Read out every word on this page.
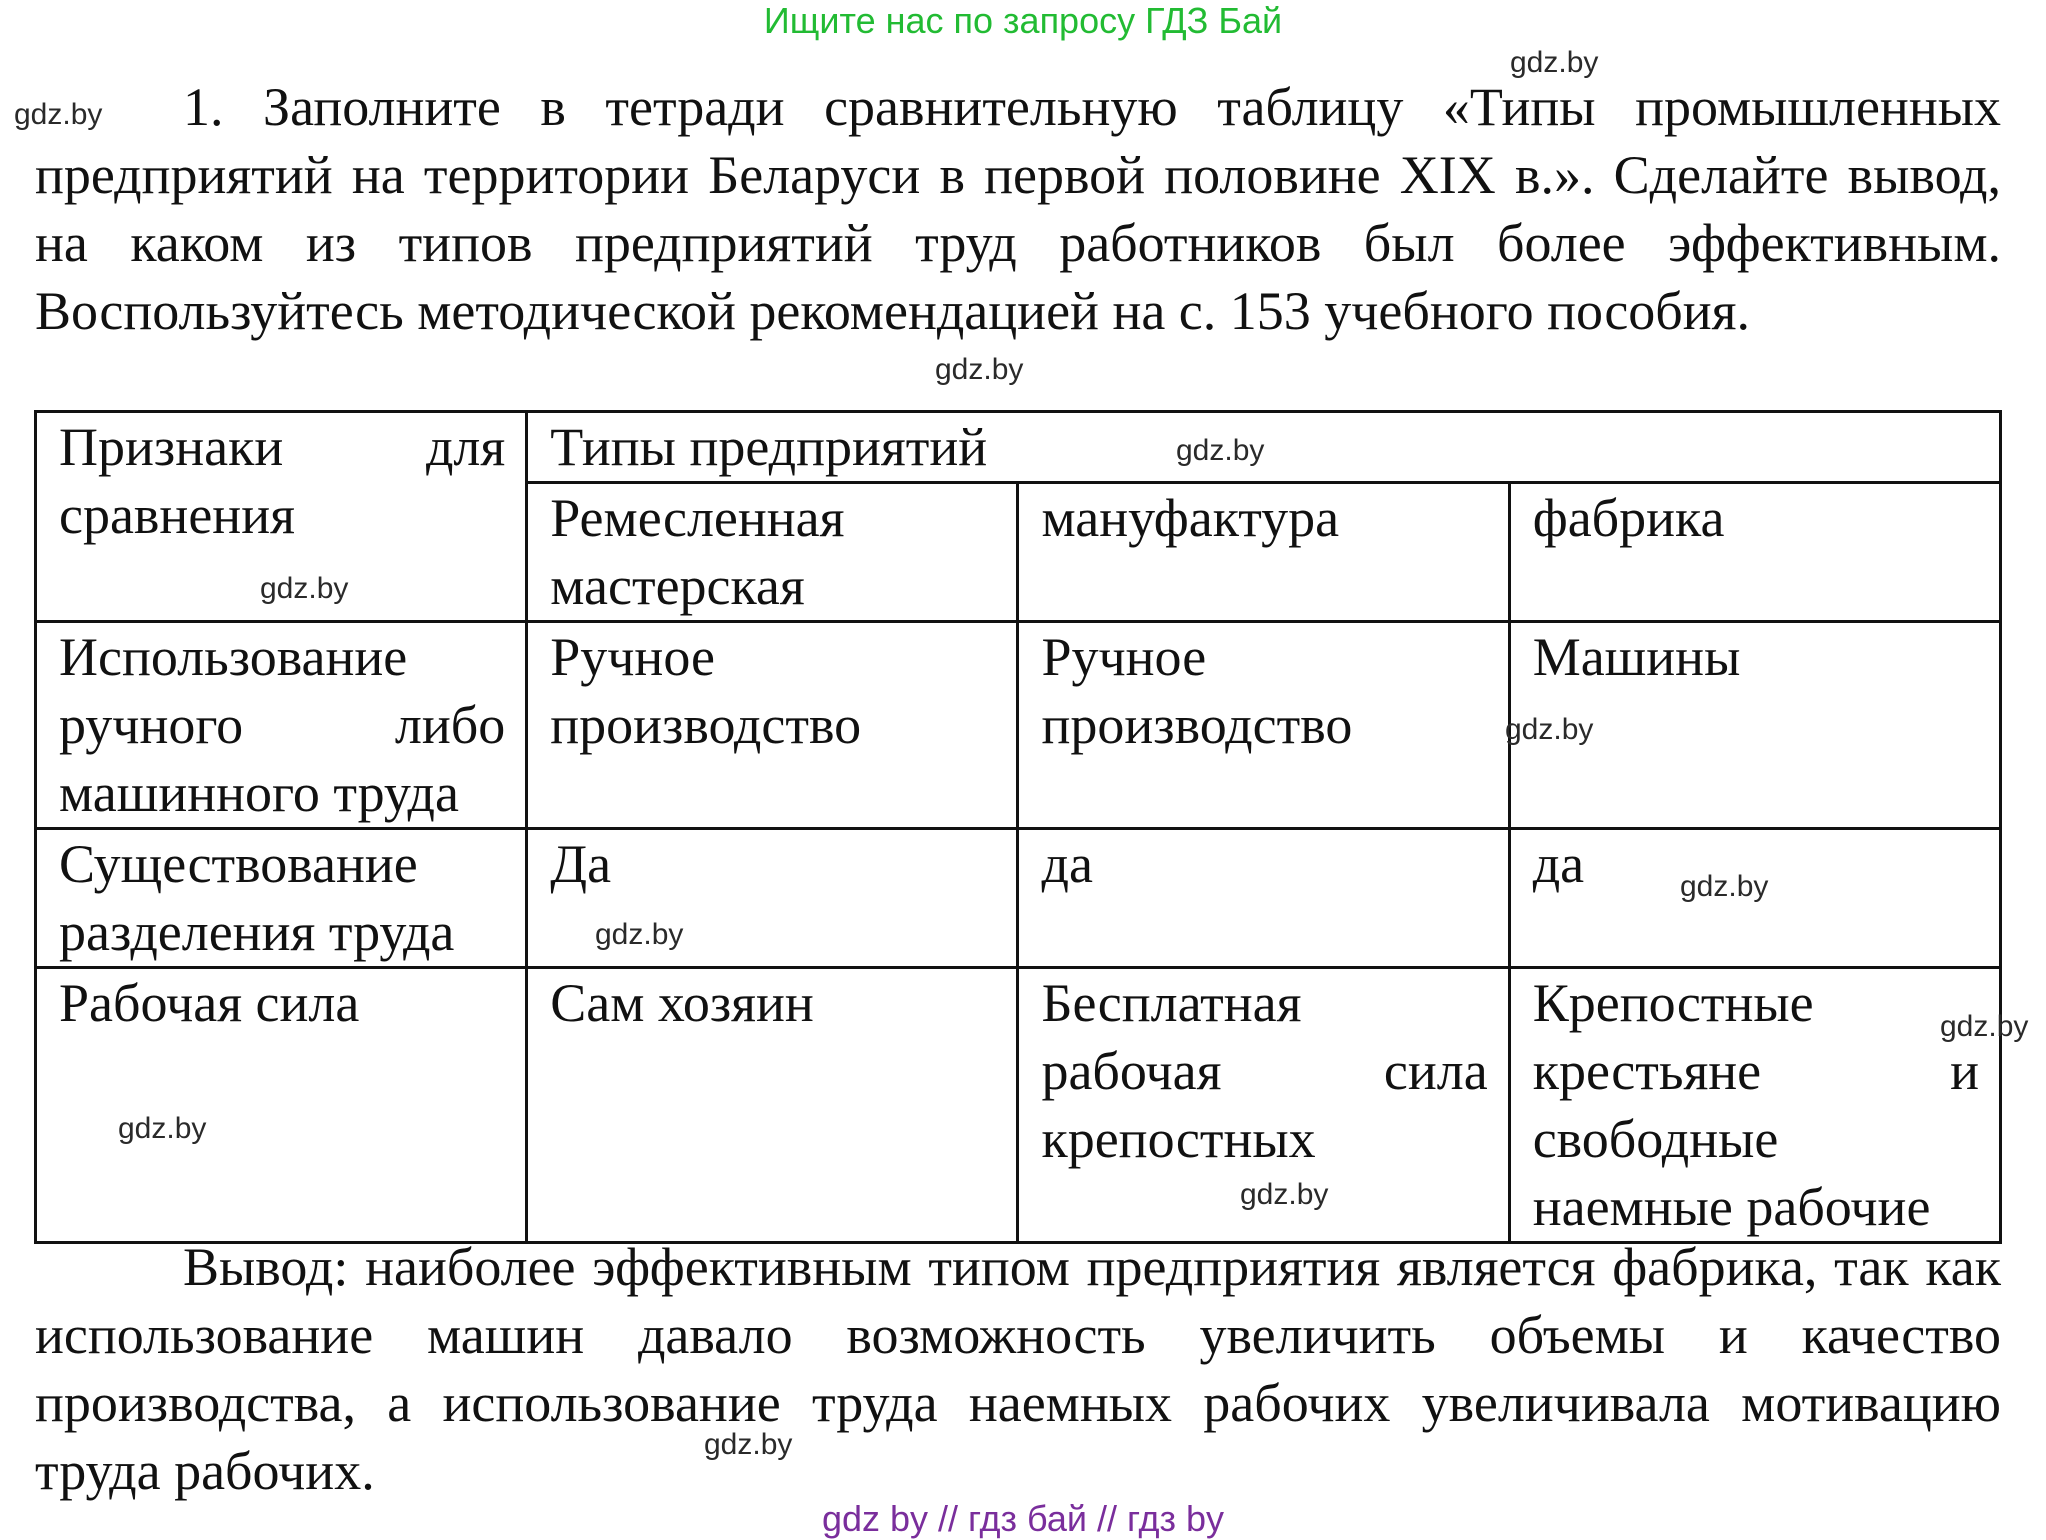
Ищите нас по запросу ГДЗ Бай
1. Заполните в тетради сравнительную таблицу «Типы промышленных предприятий на территории Беларуси в первой половине XIX в.». Сделайте вывод, на каком из типов предприятий труд работников был более эффективным. Воспользуйтесь методической рекомендацией на с. 153 учебного пособия.
Признаки для сравнения	Типы предприятий		
	Ремесленная мастерская	мануфактура	фабрика
Использование ручного либо машинного труда	Ручное производство	Ручное производство	Машины
Существование разделения труда	Да	да	да
Рабочая сила	Сам хозяин	Бесплатная рабочая сила крепостных	Крепостные крестьяне и свободные наемные рабочие
Вывод: наиболее эффективным типом предприятия является фабрика, так как использование машин давало возможность увеличить объемы и качество производства, а использование труда наемных рабочих увеличивала мотивацию труда рабочих.
gdz.by
gdz.by
gdz.by
gdz.by
gdz.by
gdz.by
gdz.by
gdz.by
gdz.by
gdz.by
gdz.by
gdz.by
gdz by // гдз бай // гдз by
